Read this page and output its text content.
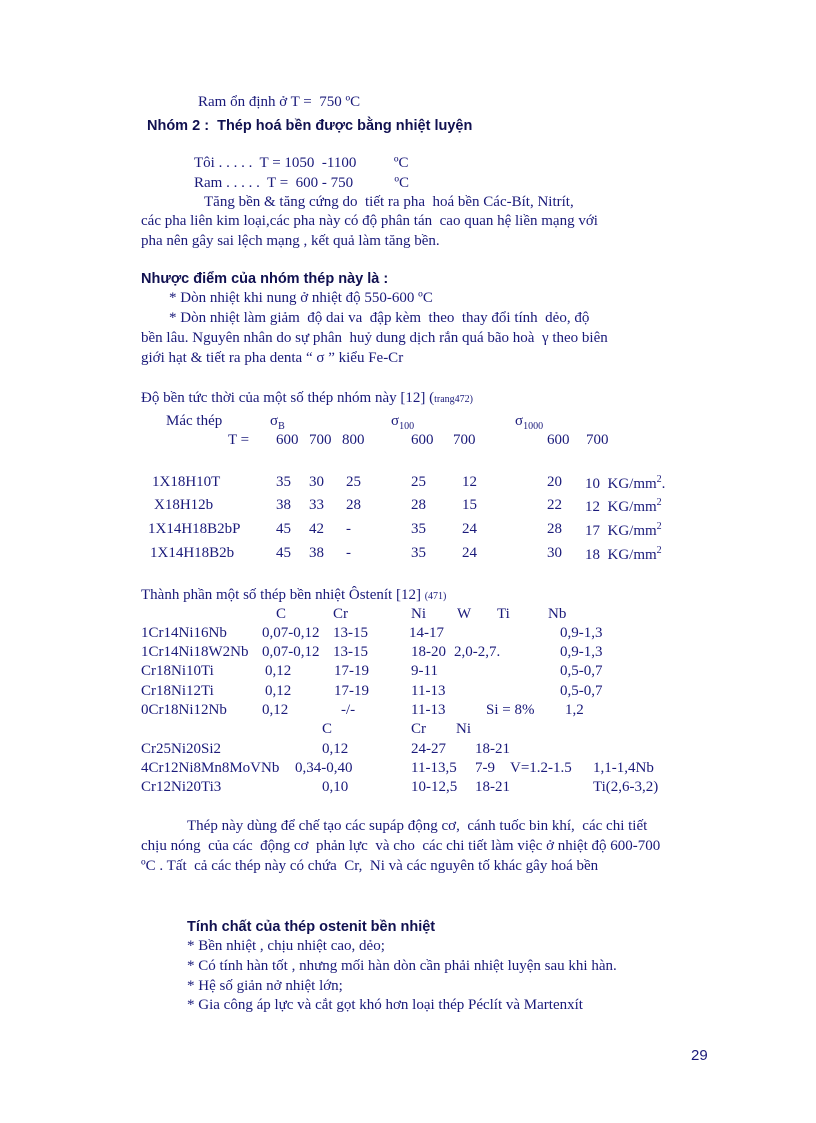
Ram ổn định ở T =  750 ºC
Nhóm 2 :  Thép hoá bền được bằng nhiệt luyện
Tôi . . . . .  T = 1050  -1100          ºC
Ram . . . . .  T =  600 - 750           ºC
Tăng bền & tăng cứng do  tiết ra pha  hoá bền Các-Bít, Nitrít,
các pha liên kim loại,các pha này có độ phân tán  cao quan hệ liền mạng với
pha nên gây sai lệch mạng , kết quả làm tăng bền.
Nhược điểm của nhóm thép này là :
* Dòn nhiệt khi nung ở nhiệt độ 550-600 ºC
* Dòn nhiệt làm giảm  độ dai va  đập kèm  theo  thay đổi tính  dẻo, độ
bền lâu. Nguyên nhân do sự phân  huỷ dung dịch rắn quá bão hoà  γ theo biên
giới hạt & tiết ra pha denta “ σ ” kiểu Fe-Cr
Độ bền tức thời của một số thép nhóm này [12] (trang472)
Mác thép	$\sigma_B$	$\sigma_{100}$	$\sigma_{1000}$
T = 600 700 800	600 700	600 700
1X18H10T	35 30 25	25 12	20 10 $KG/mm^2$.
X18H12b	38 33 28	28 15	22 12 $KG/mm^2$
1X14H18B2bP 45 42 -	35 24	28 17 $KG/mm^2$
1X14H18B2b	45 38 -	35 24	30 18 $KG/mm^2$
Thành phần một số thép bền nhiệt Ôstenít [12] (471)
C	Cr	Ni W Ti	Nb
1Cr14Ni16Nb 0,07-0,12 13-15	14-17	0,9-1,3
1Cr14Ni18W2Nb 0,07-0,12 13-15	18-20 2,0-2,7.	0,9-1,3
Cr18Ni10Ti	0,12	17-19	9-11	0,5-0,7
Cr18Ni12Ti	0,12	17-19	11-13	0,5-0,7
0Cr18Ni12Nb 0,12	-/-	11-13	Si = 8% 1,2
C	Cr Ni
Cr25Ni20Si2	0,12	24-27 18-21
4Cr12Ni8Mn8MoVNb 0,34-0,40	11-13,5 7-9 V=1.2-1.5 1,1-1,4Nb
Cr12Ni20Ti3	0,10	10-12,5 18-21	Ti(2,6-3,2)
Thép này dùng để chế tạo các supáp động cơ,  cánh tuốc bin khí,  các chi tiết
chịu nóng  của các  động cơ  phản lực  và cho  các chi tiết làm việc ở nhiệt độ 600-700
ºC . Tất  cả các thép này có chứa  Cr,  Ni và các nguyên tố khác gây hoá bền
Tính chất của thép ostenit bền nhiệt
* Bền nhiệt , chịu nhiệt cao, dẻo;
* Có tính hàn tốt , nhưng mối hàn dòn cần phải nhiệt luyện sau khi hàn.
* Hệ số giản nở nhiệt lớn;
* Gia công áp lực và cắt gọt khó hơn loại thép Péclít và Martenxít
29
